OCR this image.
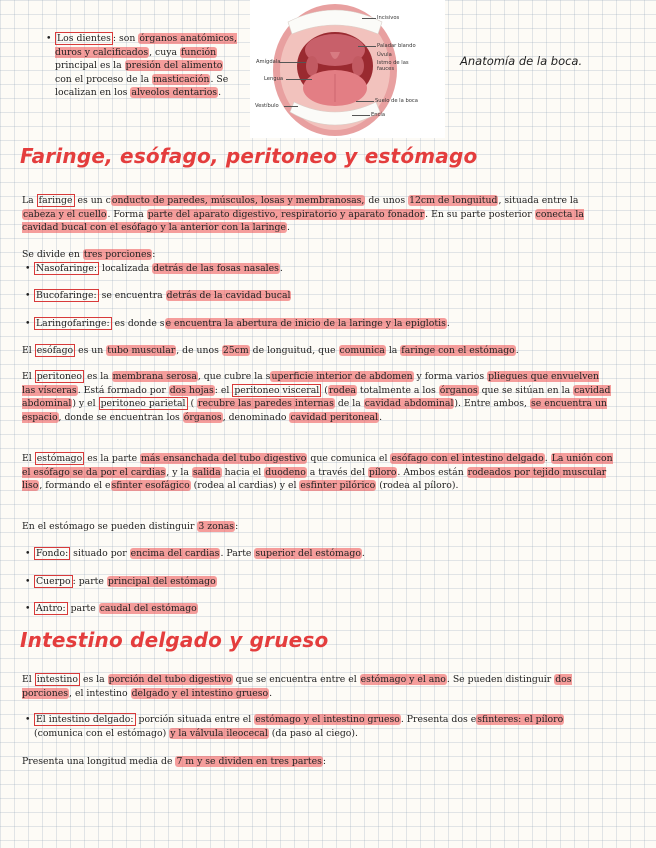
• Los dientes : son órganos anatómicos, duros y calcificados, cuya función principal es la presión del alimento con el proceso de la masticación. Se localizan en los alveolos dentarios.
Incisivos
Paladar blando
Úvula
Istmo de las fauces
Amígdala
Lengua
Suelo de la boca
Vestíbulo
Encía
Anatomía de la boca.
Faringe, esófago, peritoneo y estómago

La faringe es un conducto de paredes, músculos, losas y membranosas, de unos 12cm de longuitud, situada entre la cabeza y el cuello. Forma parte del aparato digestivo, respiratorio y aparato fonador. En su parte posterior conecta la cavidad bucal con el esófago y la anterior con la laringe.

Se divide en tres porciones:

• Nasofaringe: localizada detrás de las fosas nasales.
• Bucofaringe: se encuentra detrás de la cavidad bucal
• Laringofaringe: es donde se encuentra la abertura de inicio de la laringe y la epiglotis.

El esófago es un tubo muscular, de unos 25cm de longuitud, que comunica la faringe con el estómago.

El peritoneo es la membrana serosa, que cubre la superficie interior de abdomen y forma varios pliegues que envuelven las vísceras. Está formado por dos hojas: el peritoneo visceral (rodea totalmente a los órganos que se sitúan en la cavidad abdominal) y el peritoneo parietal ( recubre las paredes internas de la cavidad abdominal). Entre ambos, se encuentra un espacio, donde se encuentran los órganos, denominado cavidad peritoneal.

El estómago es la parte más ensanchada del tubo digestivo que comunica el esófago con el intestino delgado. La unión con el esófago se da por el cardias, y la salida hacia el duodeno a través del píloro. Ambos están rodeados por tejido muscular liso, formando el esfinter esofágico (rodea al cardias) y el esfinter pilórico (rodea al píloro).

En el estómago se pueden distinguir 3 zonas:

• Fondo: situado por encima del cardias. Parte superior del estómago.
• Cuerpo : parte principal del estómago
• Antro: parte caudal del estómago
Intestino delgado y grueso

El intestino es la porción del tubo digestivo que se encuentra entre el estómago y el ano. Se pueden distinguir dos porciones, el intestino delgado y el intestino grueso.

• El intestino delgado: porción situada entre el estómago y el intestino grueso. Presenta dos esfinteres: el píloro (comunica con el estómago) y la válvula ileocecal (da paso al ciego).

Presenta una longitud media de 7 m y se dividen en tres partes:
